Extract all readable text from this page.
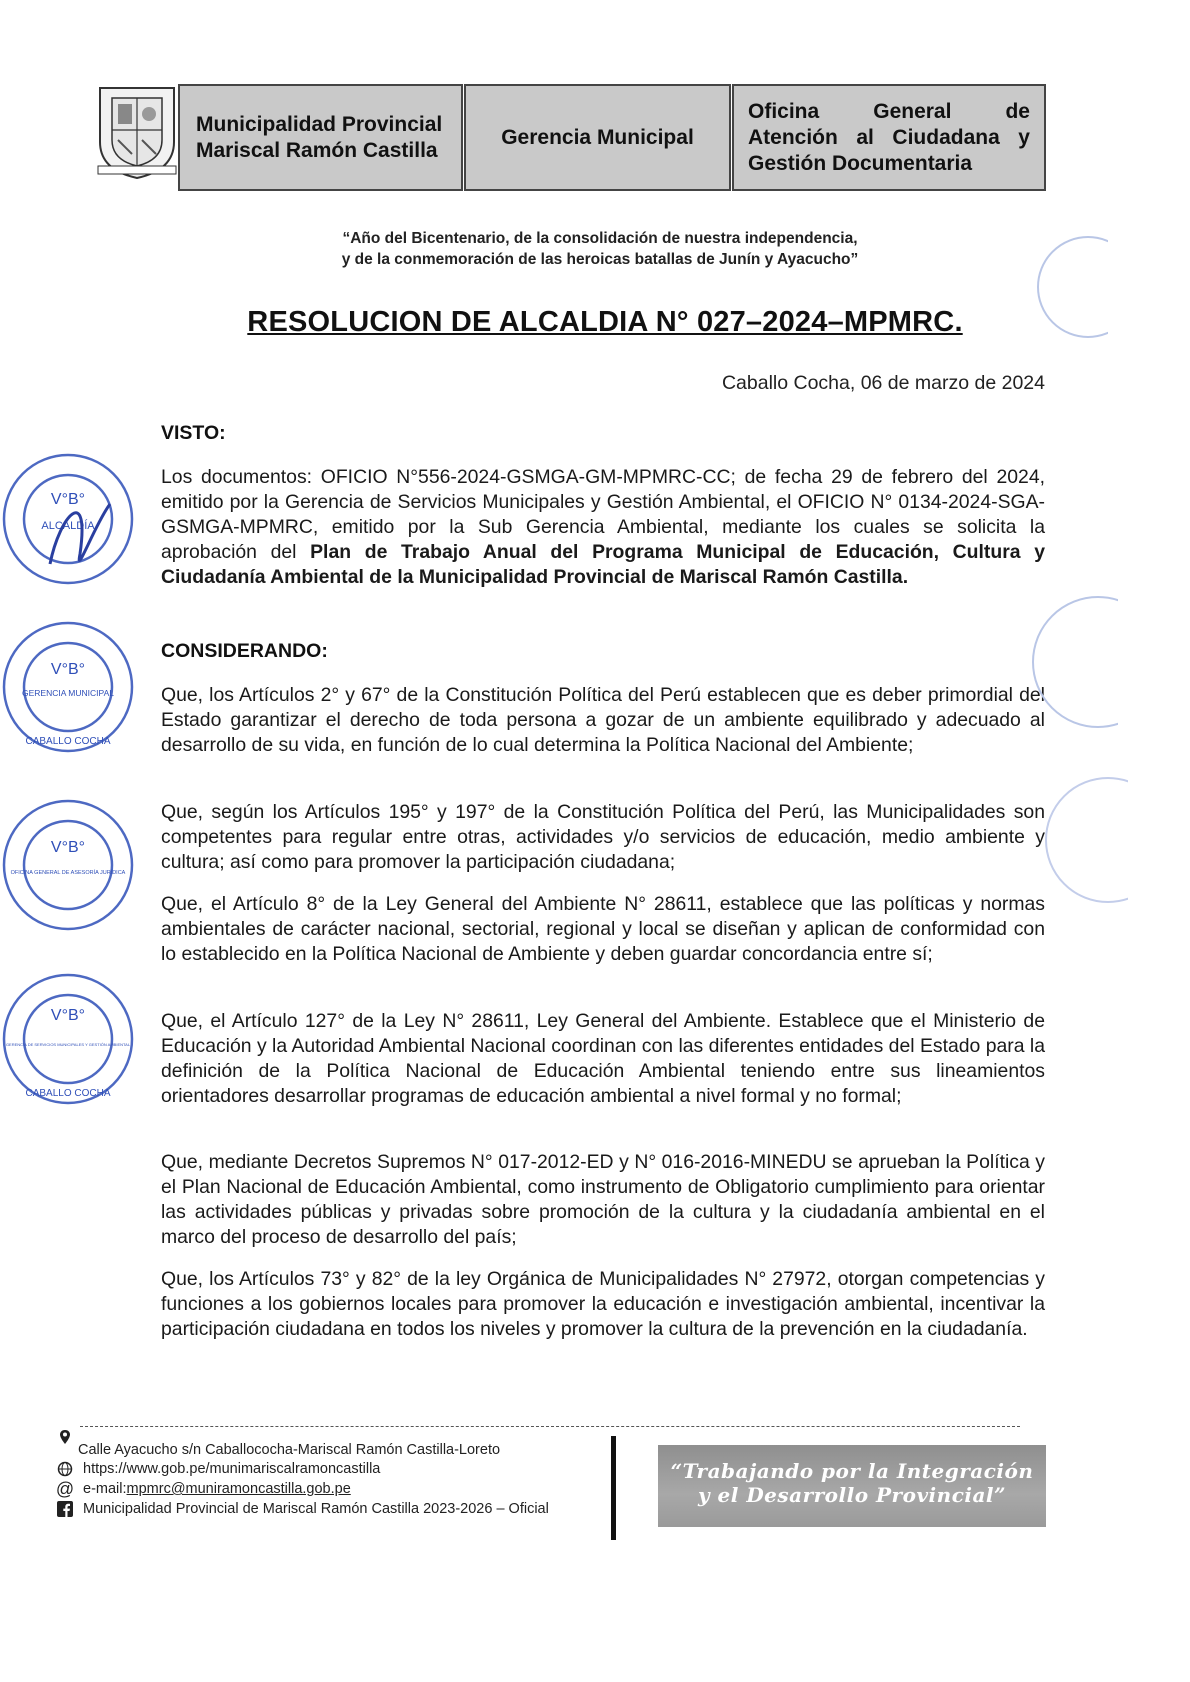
Municipalidad Provincial
Mariscal Ramón Castilla
Gerencia Municipal
Oficina General de
Atención al Ciudadana y
Gestión Documentaria
“Año del Bicentenario, de la consolidación de nuestra independencia,
y de la conmemoración de las heroicas batallas de Junín y Ayacucho”
RESOLUCION DE ALCALDIA N° 027–2024–MPMRC.
Caballo Cocha, 06 de marzo de 2024
VISTO:
Los documentos: OFICIO N°556-2024-GSMGA-GM-MPMRC-CC; de fecha 29 de febrero del 2024, emitido por la Gerencia de Servicios Municipales y Gestión Ambiental, el OFICIO N° 0134-2024-SGA-GSMGA-MPMRC, emitido por la Sub Gerencia Ambiental, mediante los cuales se solicita la aprobación del Plan de Trabajo Anual del Programa Municipal de Educación, Cultura y Ciudadanía Ambiental de la Municipalidad Provincial de Mariscal Ramón Castilla.
CONSIDERANDO:
Que, los Artículos 2° y 67° de la Constitución Política del Perú establecen que es deber primordial del Estado garantizar el derecho de toda persona a gozar de un ambiente equilibrado y adecuado al desarrollo de su vida, en función de lo cual determina la Política Nacional del Ambiente;
Que, según los Artículos 195° y 197° de la Constitución Política del Perú, las Municipalidades son competentes para regular entre otras, actividades y/o servicios de educación, medio ambiente y cultura; así como para promover la participación ciudadana;
Que, el Artículo 8° de la Ley General del Ambiente N° 28611, establece que las políticas y normas ambientales de carácter nacional, sectorial, regional y local se diseñan y aplican de conformidad con lo establecido en la Política Nacional de Ambiente y deben guardar concordancia entre sí;
Que, el Artículo 127° de la Ley N° 28611, Ley General del Ambiente. Establece que el Ministerio de Educación y la Autoridad Ambiental Nacional coordinan con las diferentes entidades del Estado para la definición de la Política Nacional de Educación Ambiental teniendo entre sus lineamientos orientadores desarrollar programas de educación ambiental a nivel formal y no formal;
Que, mediante Decretos Supremos N° 017-2012-ED y N° 016-2016-MINEDU se aprueban la Política y el Plan Nacional de Educación Ambiental, como instrumento de Obligatorio cumplimiento para orientar las actividades públicas y privadas sobre promoción de la cultura y la ciudadanía ambiental en el marco del proceso de desarrollo del país;
Que, los Artículos 73° y 82° de la ley Orgánica de Municipalidades N° 27972, otorgan competencias y funciones a los gobiernos locales para promover la educación e investigación ambiental, incentivar la participación ciudadana en todos los niveles y promover la cultura de la prevención en la ciudadanía.
V°B°
ALCALDÍA
V°B°
GERENCIA MUNICIPAL
CABALLO COCHA
V°B°
OFICINA GENERAL DE ASESORÍA JURÍDICA
V°B°
GERENCIA DE SERVICIOS MUNICIPALES Y GESTIÓN AMBIENTAL
CABALLO COCHA
Calle Ayacucho s/n Caballococha-Mariscal Ramón Castilla-Loreto
https://www.gob.pe/munimariscalramoncastilla
@ e-mail: mpmrc@muniramoncastilla.gob.pe
Municipalidad Provincial de Mariscal Ramón Castilla 2023-2026 – Oficial
“Trabajando por la Integración
y el Desarrollo Provincial”
